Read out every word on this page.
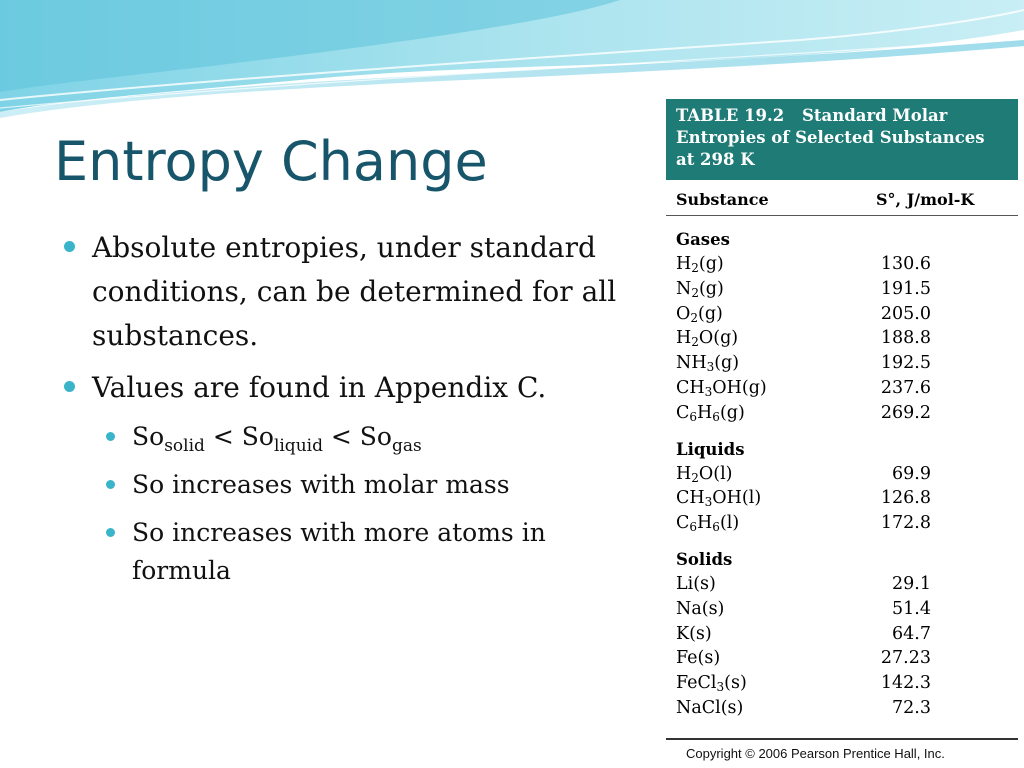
Entropy Change
Absolute entropies, under standard conditions, can be determined for all substances.
Values are found in Appendix C.
$So_{solid} < So_{liquid} < So_{gas}$
So increases with molar mass
So increases with more atoms in formula
TABLE 19.2 Standard Molar Entropies of Selected Substances at 298 K
Substance	S°, J/mol-K
Gases
$H_2(g)$	130.6
$N_2(g)$	191.5
$O_2(g)$	205.0
$H_2O(g)$	188.8
$NH_3(g)$	192.5
$CH_3OH(g)$	237.6
$C_6H_6(g)$	269.2
Liquids
$H_2O(l)$	69.9
$CH_3OH(l)$	126.8
$C_6H_6(l)$	172.8
Solids
Li(s)	29.1
Na(s)	51.4
K(s)	64.7
Fe(s)	27.23
FeCl$_3$(s)	142.3
NaCl(s)	72.3
Copyright © 2006 Pearson Prentice Hall, Inc.
